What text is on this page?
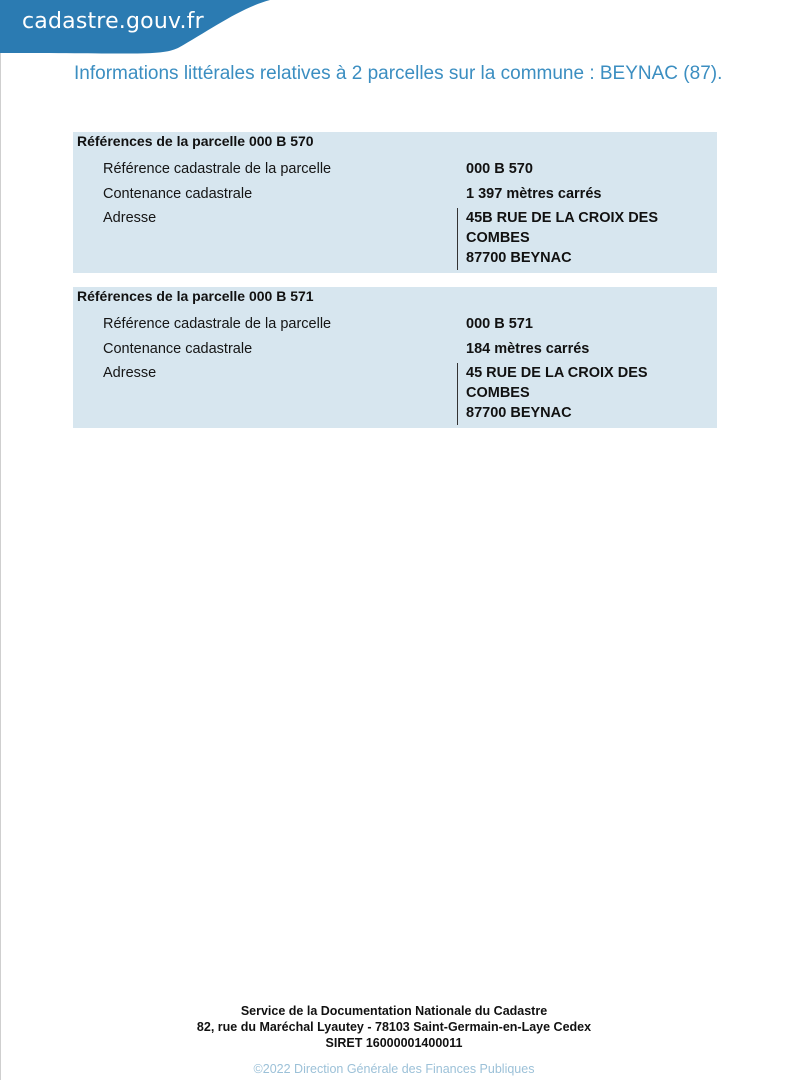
cadastre.gouv.fr
Informations littérales relatives à 2 parcelles sur la commune : BEYNAC (87).
Références de la parcelle 000 B 570
Référence cadastrale de la parcelle	000 B 570
Contenance cadastrale	1 397 mètres carrés
Adresse	45B RUE DE LA CROIX DES
COMBES
87700 BEYNAC
Références de la parcelle 000 B 571
Référence cadastrale de la parcelle	000 B 571
Contenance cadastrale	184 mètres carrés
Adresse	45 RUE DE LA CROIX DES
COMBES
87700 BEYNAC
Service de la Documentation Nationale du Cadastre
82, rue du Maréchal Lyautey - 78103 Saint-Germain-en-Laye Cedex
SIRET 16000001400011
©2022 Direction Générale des Finances Publiques
